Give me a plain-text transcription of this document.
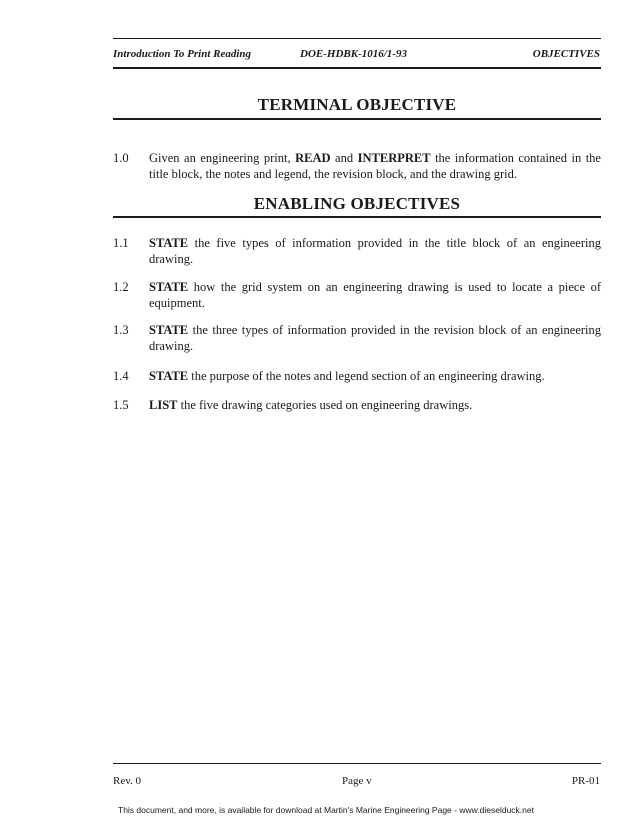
Introduction To Print Reading	DOE-HDBK-1016/1-93	OBJECTIVES
TERMINAL OBJECTIVE
1.0 Given an engineering print, READ and INTERPRET the information contained in the title block, the notes and legend, the revision block, and the drawing grid.
ENABLING OBJECTIVES
1.1 STATE the five types of information provided in the title block of an engineering drawing.
1.2 STATE how the grid system on an engineering drawing is used to locate a piece of equipment.
1.3 STATE the three types of information provided in the revision block of an engineering drawing.
1.4 STATE the purpose of the notes and legend section of an engineering drawing.
1.5 LIST the five drawing categories used on engineering drawings.
Rev. 0	Page v	PR-01
This document, and more, is available for download at Martin's Marine Engineering Page - www.dieselduck.net
